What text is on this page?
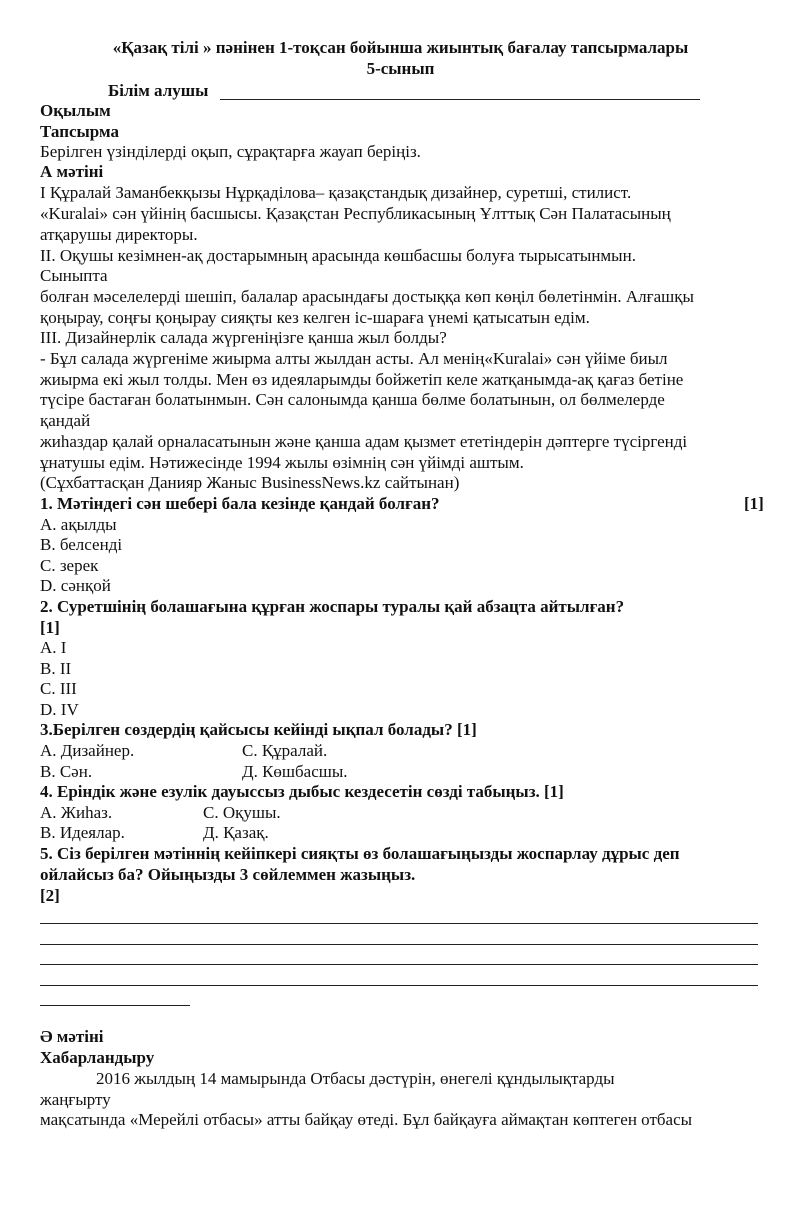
«Қазақ тілі » пәнінен 1-тоқсан бойынша жиынтық бағалау тапсырмалары
5-сынып
Білім алушы
Оқылым
Тапсырма
Берілген үзінділерді оқып, сұрақтарға жауап беріңіз.
А мәтіні
I Құралай Заманбекқызы Нұрқаділова– қазақстандық дизайнер, суретші, стилист.
«Kuralai» сән үйінің басшысы. Қазақстан Республикасының Ұлттық Сән Палатасының
атқарушы директоры.
II. Оқушы кезімнен-ақ достарымның арасында көшбасшы болуға тырысатынмын.
Сыныпта
болған мәселелерді шешіп, балалар арасындағы достыққа көп көңіл бөлетінмін. Алғашқы
қоңырау, соңғы қоңырау сияқты кез келген іс-шараға үнемі қатысатын едім.
III. Дизайнерлік салада жүргеніңізге қанша жыл болды?
- Бұл салада жүргеніме жиырма алты жылдан асты. Ал менің«Kuralai» сән үйіме биыл
жиырма екі жыл толды. Мен өз идеяларымды бойжетіп келе жатқанымда-ақ қағаз бетіне
түсіре бастаған болатынмын. Сән салонымда қанша бөлме болатынын, ол бөлмелерде
қандай
жиһаздар қалай орналасатынын және қанша адам қызмет ететіндерін дәптерге түсіргенді
ұнатушы едім. Нәтижесінде 1994 жылы өзімнің сән үйімді аштым.
(Сұхбаттасқан Данияр Жаныс BusinessNews.kz сайтынан)
1. Мәтіндегі сән шебері бала кезінде қандай болған?	[1]
A. ақылды
B. белсенді
C. зерек
D. сәнқой
2. Суретшінің болашағына құрған жоспары туралы қай абзацта айтылған?
[1]
A. I
B. II
C. III
D. IV
3.Берілген сөздердің қайсысы кейінді ықпал болады? [1]
А. Дизайнер.	С. Құралай.
В. Сән.	Д. Көшбасшы.
4. Еріндік және езулік дауыссыз дыбыс кездесетін сөзді табыңыз. [1]
А. Жиһаз.	С. Оқушы.
В. Идеялар.	Д. Қазақ.
5. Сіз берілген мәтіннің кейіпкері сияқты өз болашағыңызды жоспарлау дұрыс деп
ойлайсыз ба? Ойыңызды 3 сөйлеммен жазыңыз.
[2]
Ә мәтіні
Хабарландыру
2016 жылдың 14 мамырында Отбасы дәстүрін, өнегелі құндылықтарды
жаңғырту
мақсатында «Мерейлі отбасы» атты байқау өтеді. Бұл байқауға аймақтан көптеген отбасы
